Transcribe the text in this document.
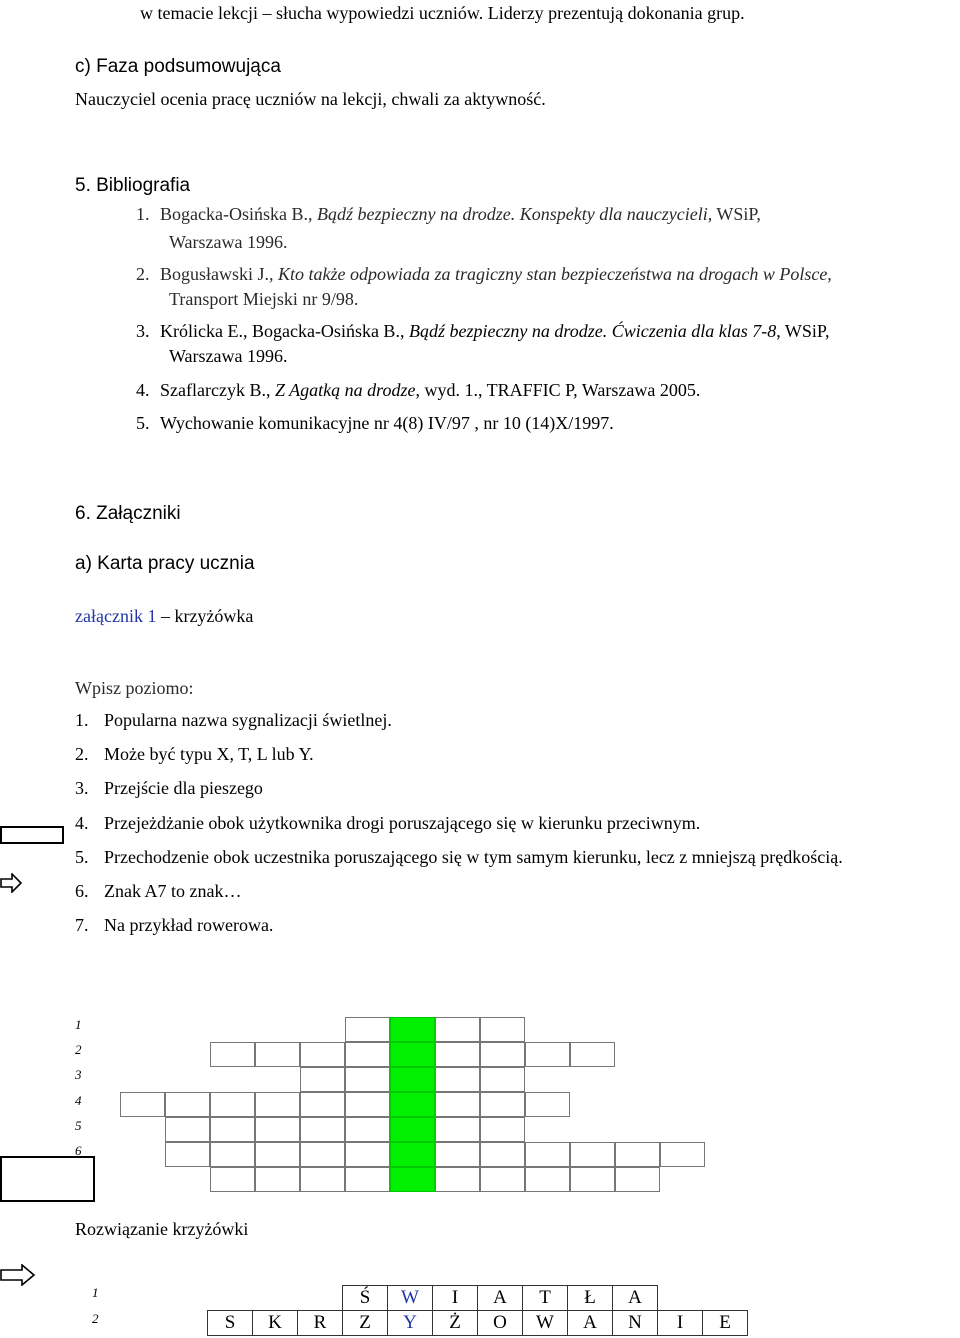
w temacie lekcji – słucha wypowiedzi uczniów. Liderzy prezentują dokonania grup.
c) Faza podsumowująca
Nauczyciel ocenia pracę uczniów na lekcji, chwali za aktywność.
5. Bibliografia
1. Bogacka-Osińska B., Bądź bezpieczny na drodze. Konspekty dla nauczycieli, WSiP,
Warszawa 1996.
2. Bogusławski J., Kto także odpowiada za tragiczny stan bezpieczeństwa na drogach w Polsce,
Transport Miejski nr 9/98.
3. Królicka E., Bogacka-Osińska B., Bądź bezpieczny na drodze. Ćwiczenia dla klas 7-8, WSiP,
Warszawa 1996.
4. Szaflarczyk B., Z Agatką na drodze, wyd. 1., TRAFFIC P, Warszawa 2005.
5. Wychowanie komunikacyjne nr 4(8) IV/97 , nr 10 (14)X/1997.
6. Załączniki
a) Karta pracy ucznia
załącznik 1 – krzyżówka
Wpisz poziomo:
1. Popularna nazwa sygnalizacji świetlnej.
2. Może być typu X, T, L lub Y.
3. Przejście dla pieszego
4. Przejeżdżanie obok użytkownika drogi poruszającego się w kierunku przeciwnym.
5. Przechodzenie obok uczestnika poruszającego się w tym samym kierunku, lecz z mniejszą prędkością.
6. Znak A7 to znak…
7. Na przykład rowerowa.
1
2
3
4
5
6
Rozwiązanie krzyżówki
1
2
			Ś	W	I	A	T	Ł	A		
S	K	R	Z	Y	Ż	O	W	A	N	I	E
